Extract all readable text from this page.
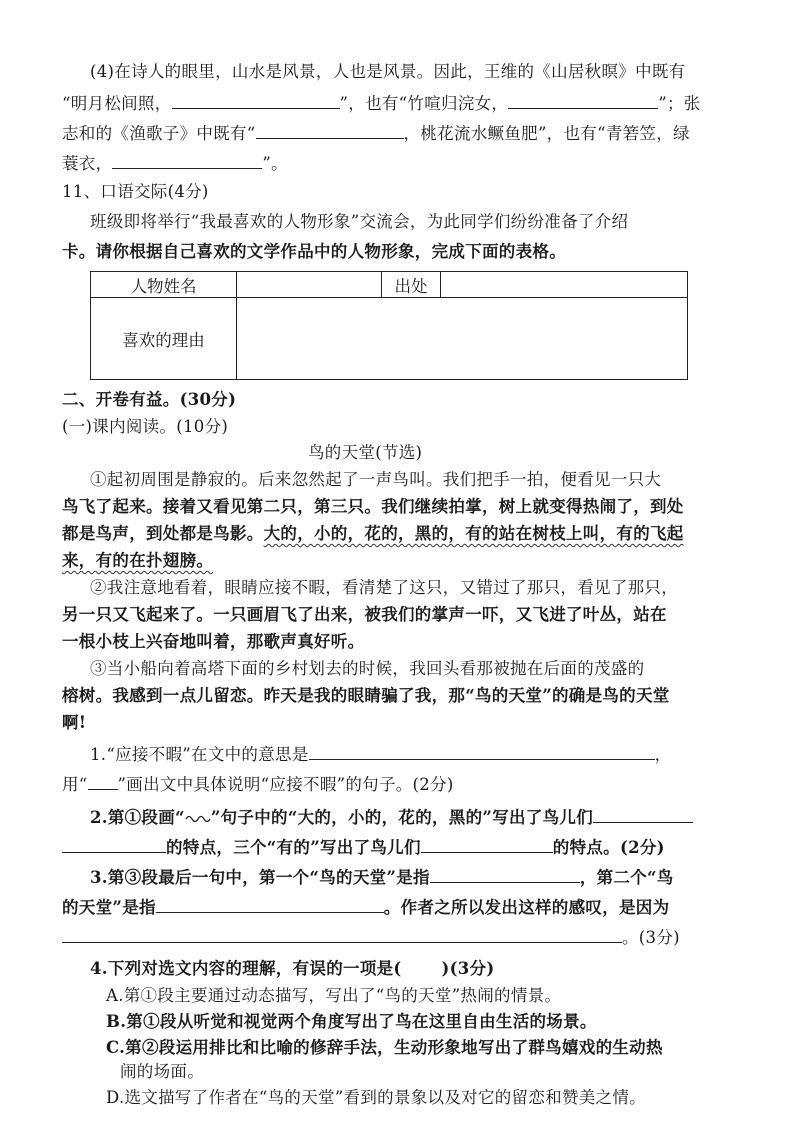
(4)在诗人的眼里，山水是风景，人也是风景。因此，王维的《山居秋暝》中既有
“明月松间照，	”，也有“竹喧归浣女，	”；张
志和的《渔歌子》中既有“	，桃花流水鳜鱼肥”，也有“青箬笠，绿
蓑衣，	”。
11、口语交际(4分)
班级即将举行“我最喜欢的人物形象”交流会，为此同学们纷纷准备了介绍
卡。请你根据自己喜欢的文学作品中的人物形象，完成下面的表格。
人物姓名		出处	
喜欢的理由			
二、开卷有益。(30分)
(一)课内阅读。(10分)
鸟的天堂(节选)
①起初周围是静寂的。后来忽然起了一声鸟叫。我们把手一拍，便看见一只大
鸟飞了起来。接着又看见第二只，第三只。我们继续拍掌，树上就变得热闹了，到处
都是鸟声，到处都是鸟影。大的，小的，花的，黑的，有的站在树枝上叫，有的飞起
来，有的在扑翅膀。
②我注意地看着，眼睛应接不暇，看清楚了这只，又错过了那只，看见了那只，
另一只又飞起来了。一只画眉飞了出来，被我们的掌声一吓，又飞进了叶丛，站在
一根小枝上兴奋地叫着，那歌声真好听。
③当小船向着高塔下面的乡村划去的时候，我回头看那被抛在后面的茂盛的
榕树。我感到一点儿留恋。昨天是我的眼睛骗了我，那“鸟的天堂”的确是鸟的天堂
啊!
1.“应接不暇”在文中的意思是	，
用“ ”画出文中具体说明“应接不暇”的句子。(2分)
2.第①段画“ ”句子中的“大的，小的，花的，黑的”写出了鸟儿们
的特点，三个“有的”写出了鸟儿们	的特点。(2分)
3.第③段最后一句中，第一个“鸟的天堂”是指	，第二个“鸟
的天堂”是指	。作者之所以发出这样的感叹，是因为
。(3分)
4.下列对选文内容的理解，有误的一项是( )(3分)
A.第①段主要通过动态描写，写出了“鸟的天堂”热闹的情景。
B.第①段从听觉和视觉两个角度写出了鸟在这里自由生活的场景。
C.第②段运用排比和比喻的修辞手法，生动形象地写出了群鸟嬉戏的生动热
闹的场面。
D.选文描写了作者在“鸟的天堂”看到的景象以及对它的留恋和赞美之情。
